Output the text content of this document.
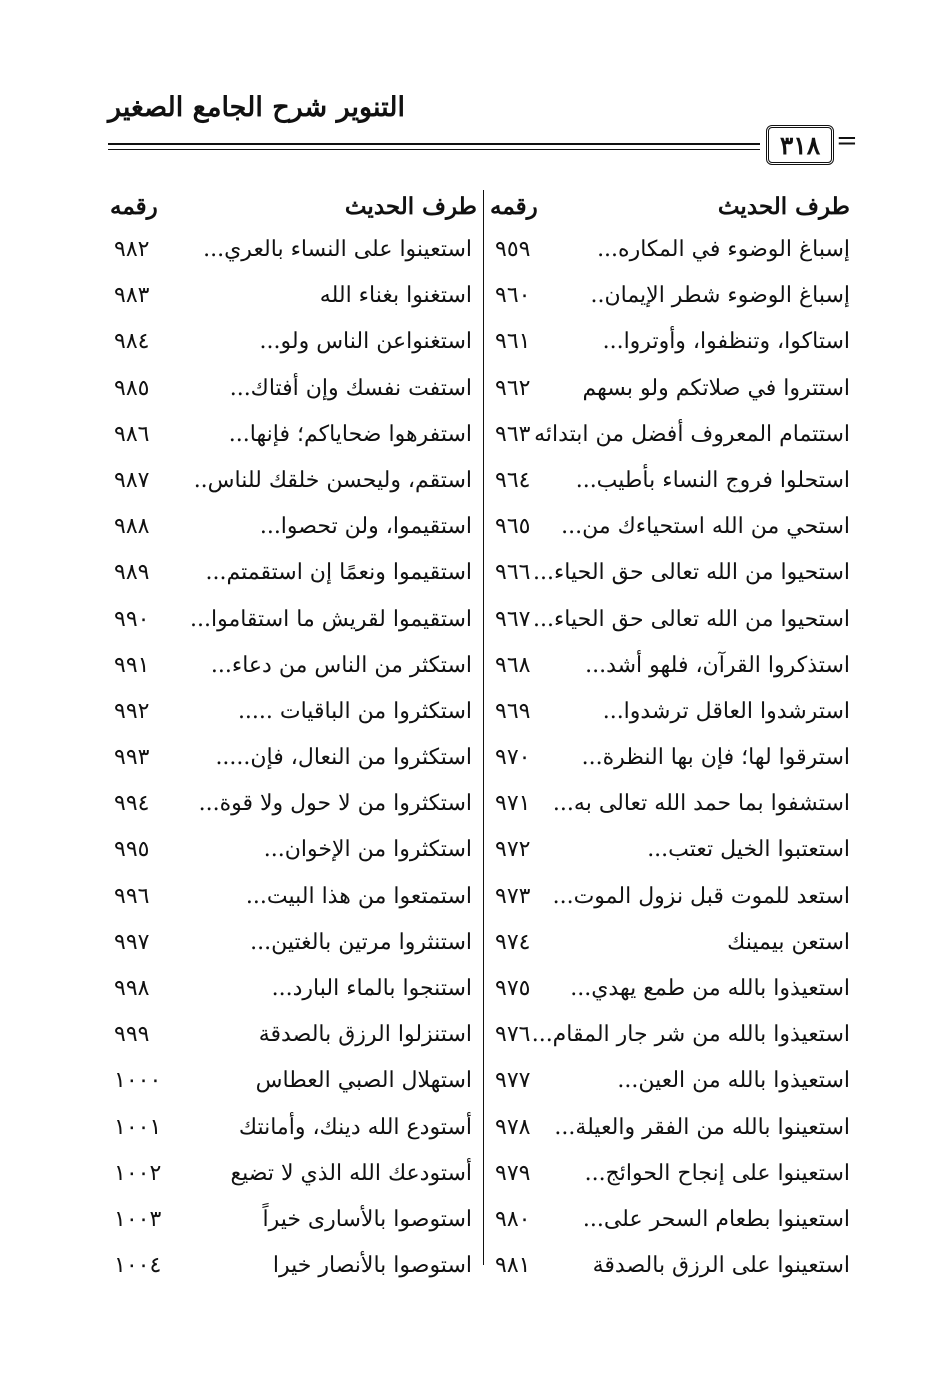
التنوير شرح الجامع الصغير
٣١٨ =
طرف الحديث
رقمه
طرف الحديث
رقمه
إسباغ الوضوء في المكاره...
٩٥٩
استعينوا على النساء بالعري...
٩٨٢
إسباغ الوضوء شطر الإيمان..
٩٦٠
استغنوا بغناء الله
٩٨٣
استاكوا، وتنظفوا، وأوتروا...
٩٦١
استغنواعن الناس ولو...
٩٨٤
استتروا في صلاتكم ولو بسهم
٩٦٢
استفت نفسك وإن أفتاك...
٩٨٥
استتمام المعروف أفضل من ابتدائه
٩٦٣
استفرهوا ضحاياكم؛ فإنها...
٩٨٦
استحلوا فروج النساء بأطيب...
٩٦٤
استقم، وليحسن خلقك للناس..
٩٨٧
استحي من الله استحياءك من...
٩٦٥
استقيموا، ولن تحصوا...
٩٨٨
استحيوا من الله تعالى حق الحياء...
٩٦٦
استقيموا ونعمًا إن استقمتم...
٩٨٩
استحيوا من الله تعالى حق الحياء...
٩٦٧
استقيموا لقريش ما استقاموا...
٩٩٠
استذكروا القرآن، فلهو أشد...
٩٦٨
استكثر من الناس من دعاء...
٩٩١
استرشدوا العاقل ترشدوا...
٩٦٩
استكثروا من الباقيات .....
٩٩٢
استرقوا لها؛ فإن بها النظرة...
٩٧٠
استكثروا من النعال، فإن.....
٩٩٣
استشفوا بما حمد الله تعالى به...
٩٧١
استكثروا من لا حول ولا قوة...
٩٩٤
استعتبوا الخيل تعتب...
٩٧٢
استكثروا من الإخوان...
٩٩٥
استعد للموت قبل نزول الموت...
٩٧٣
استمتعوا من هذا البيت...
٩٩٦
استعن بيمينك
٩٧٤
استنثروا مرتين بالغتين...
٩٩٧
استعيذوا بالله من طمع يهدي...
٩٧٥
استنجوا بالماء البارد...
٩٩٨
استعيذوا بالله من شر جار المقام...
٩٧٦
استنزلوا الرزق بالصدقة
٩٩٩
استعيذوا بالله من العين...
٩٧٧
استهلال الصبي العطاس
١٠٠٠
استعينوا بالله من الفقر والعيلة...
٩٧٨
أستودع الله دينك، وأمانتك
١٠٠١
استعينوا على إنجاح الحوائج...
٩٧٩
أستودعك الله الذي لا تضيع
١٠٠٢
استعينوا بطعام السحر على...
٩٨٠
استوصوا بالأسارى خيراً
١٠٠٣
استعينوا على الرزق بالصدقة
٩٨١
استوصوا بالأنصار خيرا
١٠٠٤
